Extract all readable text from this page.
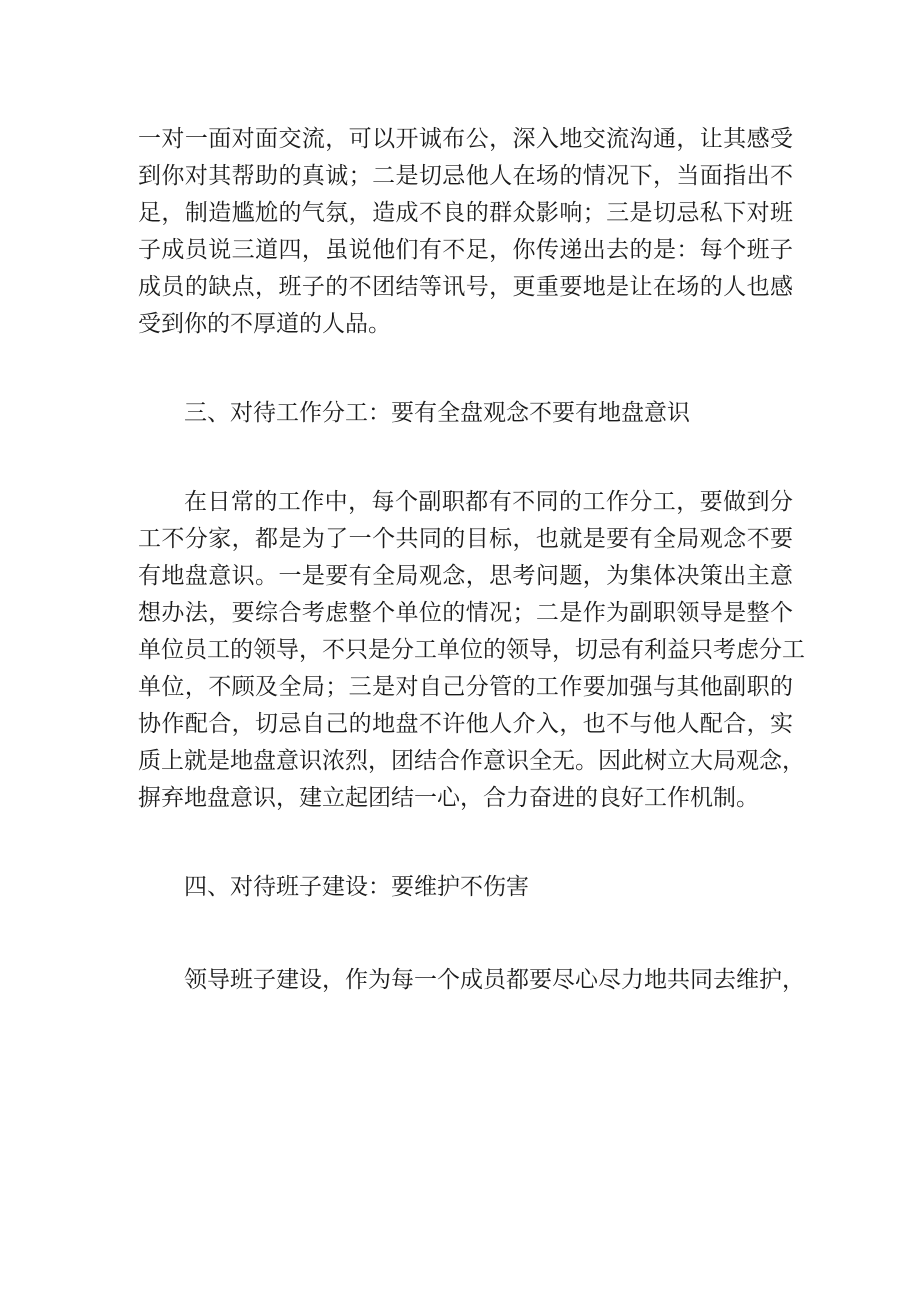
一对一面对面交流，可以开诚布公，深入地交流沟通，让其感受
到你对其帮助的真诚；二是切忌他人在场的情况下，当面指出不
足，制造尴尬的气氛，造成不良的群众影响；三是切忌私下对班
子成员说三道四，虽说他们有不足，你传递出去的是：每个班子
成员的缺点，班子的不团结等讯号，更重要地是让在场的人也感
受到你的不厚道的人品。
三、对待工作分工：要有全盘观念不要有地盘意识
在日常的工作中，每个副职都有不同的工作分工，要做到分
工不分家，都是为了一个共同的目标，也就是要有全局观念不要
有地盘意识。一是要有全局观念，思考问题，为集体决策出主意
想办法，要综合考虑整个单位的情况；二是作为副职领导是整个
单位员工的领导，不只是分工单位的领导，切忌有利益只考虑分工
单位，不顾及全局；三是对自己分管的工作要加强与其他副职的
协作配合，切忌自己的地盘不许他人介入，也不与他人配合，实
质上就是地盘意识浓烈，团结合作意识全无。因此树立大局观念，
摒弃地盘意识，建立起团结一心，合力奋进的良好工作机制。
四、对待班子建设：要维护不伤害
领导班子建设，作为每一个成员都要尽心尽力地共同去维护，
